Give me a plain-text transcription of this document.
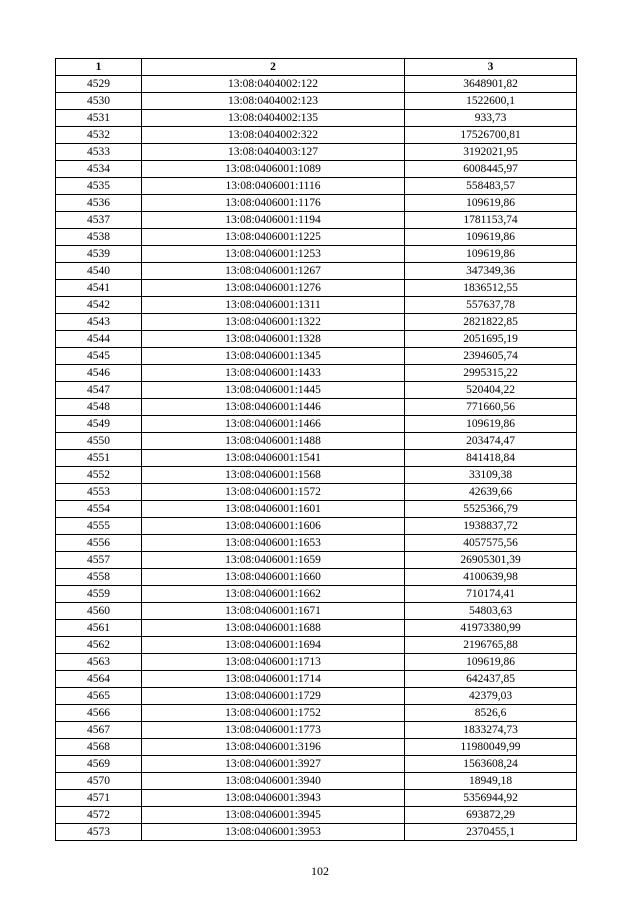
1	2	3
4529	13:08:0404002:122	3648901,82
4530	13:08:0404002:123	1522600,1
4531	13:08:0404002:135	933,73
4532	13:08:0404002:322	17526700,81
4533	13:08:0404003:127	3192021,95
4534	13:08:0406001:1089	6008445,97
4535	13:08:0406001:1116	558483,57
4536	13:08:0406001:1176	109619,86
4537	13:08:0406001:1194	1781153,74
4538	13:08:0406001:1225	109619,86
4539	13:08:0406001:1253	109619,86
4540	13:08:0406001:1267	347349,36
4541	13:08:0406001:1276	1836512,55
4542	13:08:0406001:1311	557637,78
4543	13:08:0406001:1322	2821822,85
4544	13:08:0406001:1328	2051695,19
4545	13:08:0406001:1345	2394605,74
4546	13:08:0406001:1433	2995315,22
4547	13:08:0406001:1445	520404,22
4548	13:08:0406001:1446	771660,56
4549	13:08:0406001:1466	109619,86
4550	13:08:0406001:1488	203474,47
4551	13:08:0406001:1541	841418,84
4552	13:08:0406001:1568	33109,38
4553	13:08:0406001:1572	42639,66
4554	13:08:0406001:1601	5525366,79
4555	13:08:0406001:1606	1938837,72
4556	13:08:0406001:1653	4057575,56
4557	13:08:0406001:1659	26905301,39
4558	13:08:0406001:1660	4100639,98
4559	13:08:0406001:1662	710174,41
4560	13:08:0406001:1671	54803,63
4561	13:08:0406001:1688	41973380,99
4562	13:08:0406001:1694	2196765,88
4563	13:08:0406001:1713	109619,86
4564	13:08:0406001:1714	642437,85
4565	13:08:0406001:1729	42379,03
4566	13:08:0406001:1752	8526,6
4567	13:08:0406001:1773	1833274,73
4568	13:08:0406001:3196	11980049,99
4569	13:08:0406001:3927	1563608,24
4570	13:08:0406001:3940	18949,18
4571	13:08:0406001:3943	5356944,92
4572	13:08:0406001:3945	693872,29
4573	13:08:0406001:3953	2370455,1
102
